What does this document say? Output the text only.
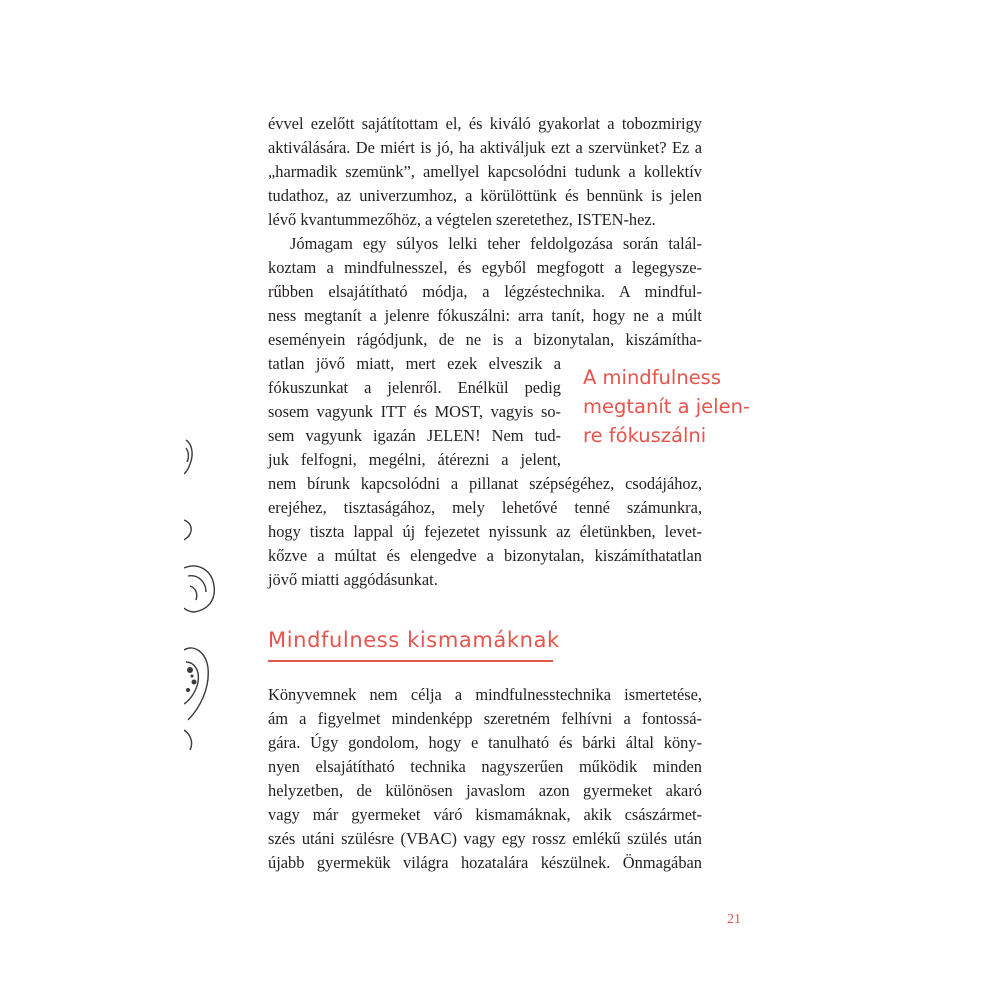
évvel ezelőtt sajátítottam el, és kiváló gyakorlat a tobozmirigy

aktiválására. De miért is jó, ha aktiváljuk ezt a szervünket? Ez a

„harmadik szemünk”, amellyel kapcsolódni tudunk a kollektív

tudathoz, az univerzumhoz, a körülöttünk és bennünk is jelen

lévő kvantummezőhöz, a végtelen szeretethez, ISTEN-hez.

Jómagam egy súlyos lelki teher feldolgozása során talál-

koztam a mindfulnesszel, és egyből megfogott a legegysze-

rűbben elsajátítható módja, a légzéstechnika. A mindful-

ness megtanít a jelenre fókuszálni: arra tanít, hogy ne a múlt

eseményein rágódjunk, de ne is a bizonytalan, kiszámítha-

tatlan jövő miatt, mert ezek elveszik a

fókuszunkat a jelenről. Enélkül pedig

sosem vagyunk ITT és MOST, vagyis so-

sem vagyunk igazán JELEN! Nem tud-

juk felfogni, megélni, átérezni a jelent,

nem bírunk kapcsolódni a pillanat szépségéhez, csodájához,

erejéhez, tisztaságához, mely lehetővé tenné számunkra,

hogy tiszta lappal új fejezetet nyissunk az életünkben, levet-

kőzve a múltat és elengedve a bizonytalan, kiszámíthatatlan

jövő miatti aggódásunkat.

A mindfulness
megtanít a jelen-
re fókuszálni
Mindfulness kismamáknak

Könyvemnek nem célja a mindfulnesstechnika ismertetése,

ám a figyelmet mindenképp szeretném felhívni a fontossá-

gára. Úgy gondolom, hogy e tanulható és bárki által köny-

nyen elsajátítható technika nagyszerűen működik minden

helyzetben, de különösen javaslom azon gyermeket akaró

vagy már gyermeket váró kismamáknak, akik császármet-

szés utáni szülésre (VBAC) vagy egy rossz emlékű szülés után

újabb gyermekük világra hozatalára készülnek. Önmagában

21
